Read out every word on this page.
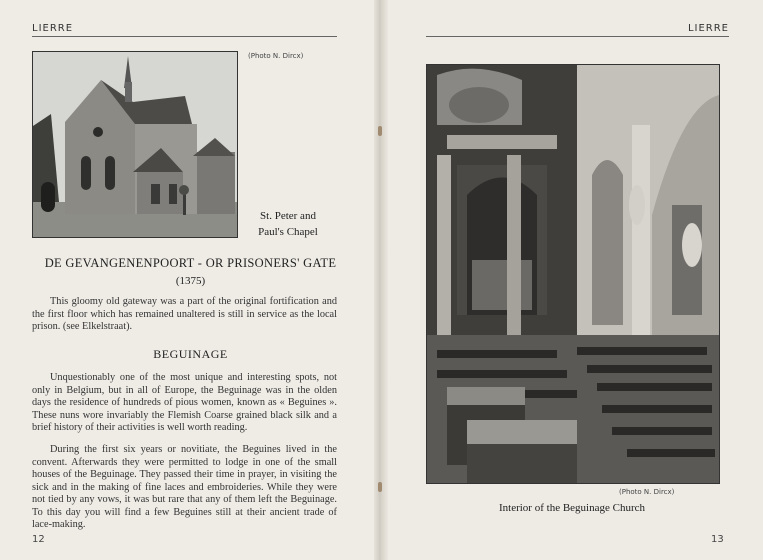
LIERRE
(Photo N. Dircx)
St. Peter and
Paul's Chapel
DE GEVANGENENPOORT - OR PRISONERS' GATE
(1375)

This gloomy old gateway was a part of the original fortification and the first floor which has remained unaltered is still in service as the local prison. (see Elkelstraat).

BEGUINAGE

Unquestionably one of the most unique and interesting spots, not only in Belgium, but in all of Europe, the Beguinage was in the olden days the residence of hundreds of pious women, known as « Beguines ». These nuns wore invariably the Flemish Coarse grained black silk and a brief history of their activities is well worth reading.

During the first six years or novitiate, the Beguines lived in the convent. Afterwards they were permitted to lodge in one of the small houses of the Beguinage. They passed their time in prayer, in visiting the sick and in the making of fine laces and embroideries. While they were not tied by any vows, it was but rare that any of them left the Beguinage. To this day you will find a few Beguines still at their ancient trade of lace-making.

12
LIERRE
(Photo N. Dircx)
Interior of the Beguinage Church
13
